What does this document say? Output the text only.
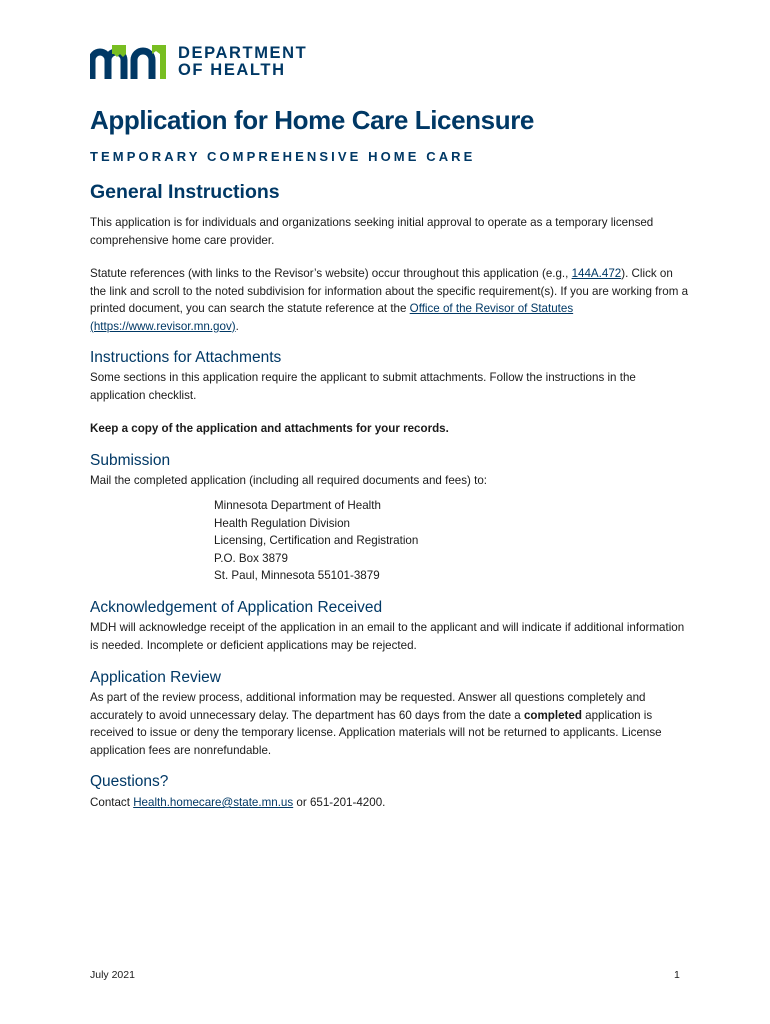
DEPARTMENT
OF HEALTH
Application for Home Care Licensure
TEMPORARY COMPREHENSIVE HOME CARE
General Instructions

This application is for individuals and organizations seeking initial approval to operate as a temporary licensed comprehensive home care provider.

Statute references (with links to the Revisor’s website) occur throughout this application (e.g., 144A.472). Click on the link and scroll to the noted subdivision for information about the specific requirement(s). If you are working from a printed document, you can search the statute reference at the Office of the Revisor of Statutes (https://www.revisor.mn.gov).

Instructions for Attachments

Some sections in this application require the applicant to submit attachments. Follow the instructions in the application checklist.

Keep a copy of the application and attachments for your records.

Submission

Mail the completed application (including all required documents and fees) to:

Minnesota Department of Health
Health Regulation Division
Licensing, Certification and Registration
P.O. Box 3879
St. Paul, Minnesota 55101-3879
Acknowledgement of Application Received

MDH will acknowledge receipt of the application in an email to the applicant and will indicate if additional information is needed. Incomplete or deficient applications may be rejected.

Application Review

As part of the review process, additional information may be requested. Answer all questions completely and accurately to avoid unnecessary delay. The department has 60 days from the date a completed application is received to issue or deny the temporary license. Application materials will not be returned to applicants. License application fees are nonrefundable.

Questions?

Contact Health.homecare@state.mn.us or 651-201-4200.

July 2021	1
